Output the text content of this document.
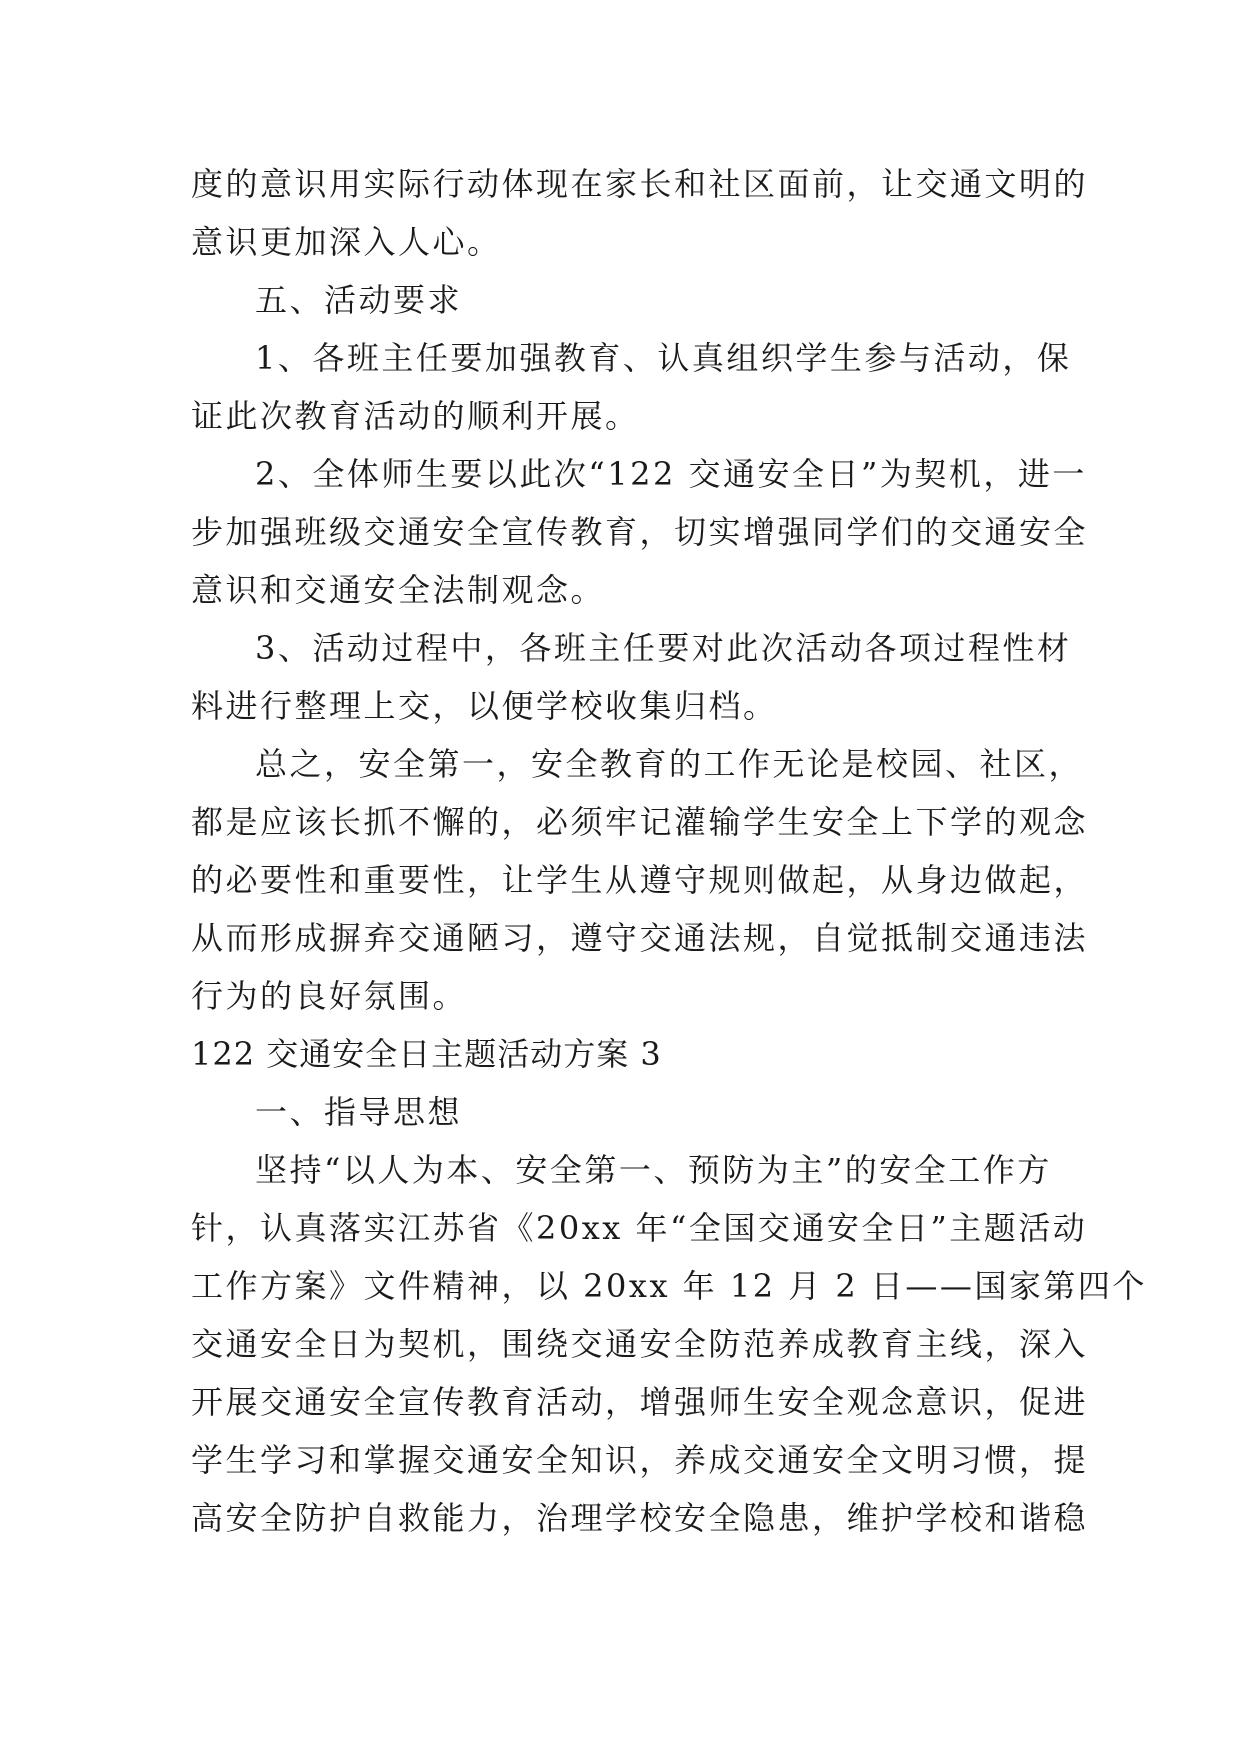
度的意识用实际行动体现在家长和社区面前，让交通文明的
意识更加深入人心。
五、活动要求
1、各班主任要加强教育、认真组织学生参与活动，保
证此次教育活动的顺利开展。
2、全体师生要以此次“122 交通安全日”为契机，进一
步加强班级交通安全宣传教育，切实增强同学们的交通安全
意识和交通安全法制观念。
3、活动过程中，各班主任要对此次活动各项过程性材
料进行整理上交，以便学校收集归档。
总之，安全第一，安全教育的工作无论是校园、社区，
都是应该长抓不懈的，必须牢记灌输学生安全上下学的观念
的必要性和重要性，让学生从遵守规则做起，从身边做起，
从而形成摒弃交通陋习，遵守交通法规，自觉抵制交通违法
行为的良好氛围。
122 交通安全日主题活动方案 3
一、指导思想
坚持“以人为本、安全第一、预防为主”的安全工作方
针，认真落实江苏省《20xx 年“全国交通安全日”主题活动
工作方案》文件精神，以 20xx 年 12 月 2 日——国家第四个
交通安全日为契机，围绕交通安全防范养成教育主线，深入
开展交通安全宣传教育活动，增强师生安全观念意识，促进
学生学习和掌握交通安全知识，养成交通安全文明习惯，提
高安全防护自救能力，治理学校安全隐患，维护学校和谐稳
